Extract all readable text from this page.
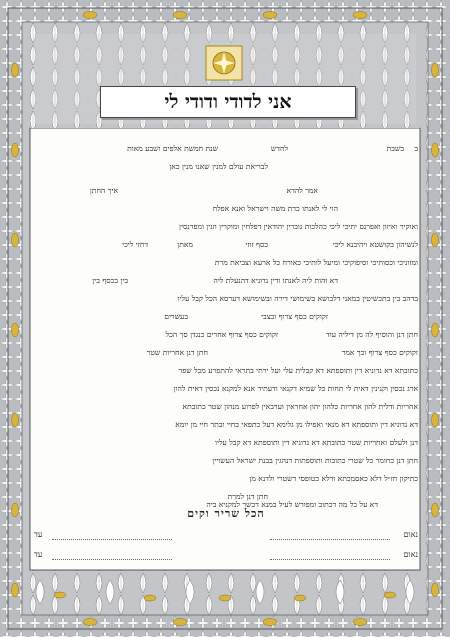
אני לדודי ודודי לי
הכל שריר וקים
נאום
עד
נאום
עד
ב
בשבת
לחדש
שנת חמשת אלפים ושבע מאות
לבריאת עולם למנין שאנו מנין כאן
איך החתן	אמר להדא
הוי לי לאנתו כדת משה וישראל ואנא אפלח
ואוקיר ואיזון ואפרנס יתיכי ליכי כהלכות גוברין יהודאין דפלחין ומוקרין וזנין ומפרנסין
לנשיהון בקושטא ויהיבנא ליכי
כסף זוזי
מאתן
דחזי ליכי
ומזוניכי וכסותיכי וסיפוקיכי ומיעל לותיכי כאורח כל ארעא וצביאת מרת
בין בכסף בין	דא והות ליה לאנתו ודין נדוניא דהנעלת ליה
בדהב בין בתכשיטין במאני דלבושא בשימושי דירה ובשימושא דערסא הכל קבל עליו
זקוקים כסף צרוף ובצבי
בעשרים
חתן דנן והוסיף לה מן דיליה עוד
זקוקים כסף צרוף אחרים כנגדן סך הכל
זקוקים כסף צרוף וכך אמר
חתן דנן אחריות שטר
כתובתא דא נדוניא דין ותוספתא דא קבלית עלי ועל ירתי בתראי להתפרע מכל שפר
ארג נכסין וקנינין דאית לי תחות כל שמיא דקנאי ודעתיד אנא למקנא נכסין דאית להון
אחריות ודלית להון אחריות כלהון יהון אחראין וערבאין לפרוע מנהון שטר כתובתא
דא נדוניא דין ותוספתא דא מנאי ואפילו מן גלימא דעל כתפאי בחיי ובתר חיי מן יומא
דנן ולעלם ואחריות שטר כתובתא דא נדוניא דין ותוספתא דא קבל עליו
חתן דנן כחומר כל שטרי כתובות ותוספתות דנהגין בבנת ישראל העשויין
כתיקון חז״ל דלא כאסמכתא ודלא כטופסי דשטרי ולדנא מן
חתן דנן למרת
דא על כל מה דכתוב ומפורש לעיל במנא דכשר למקניא ביה
